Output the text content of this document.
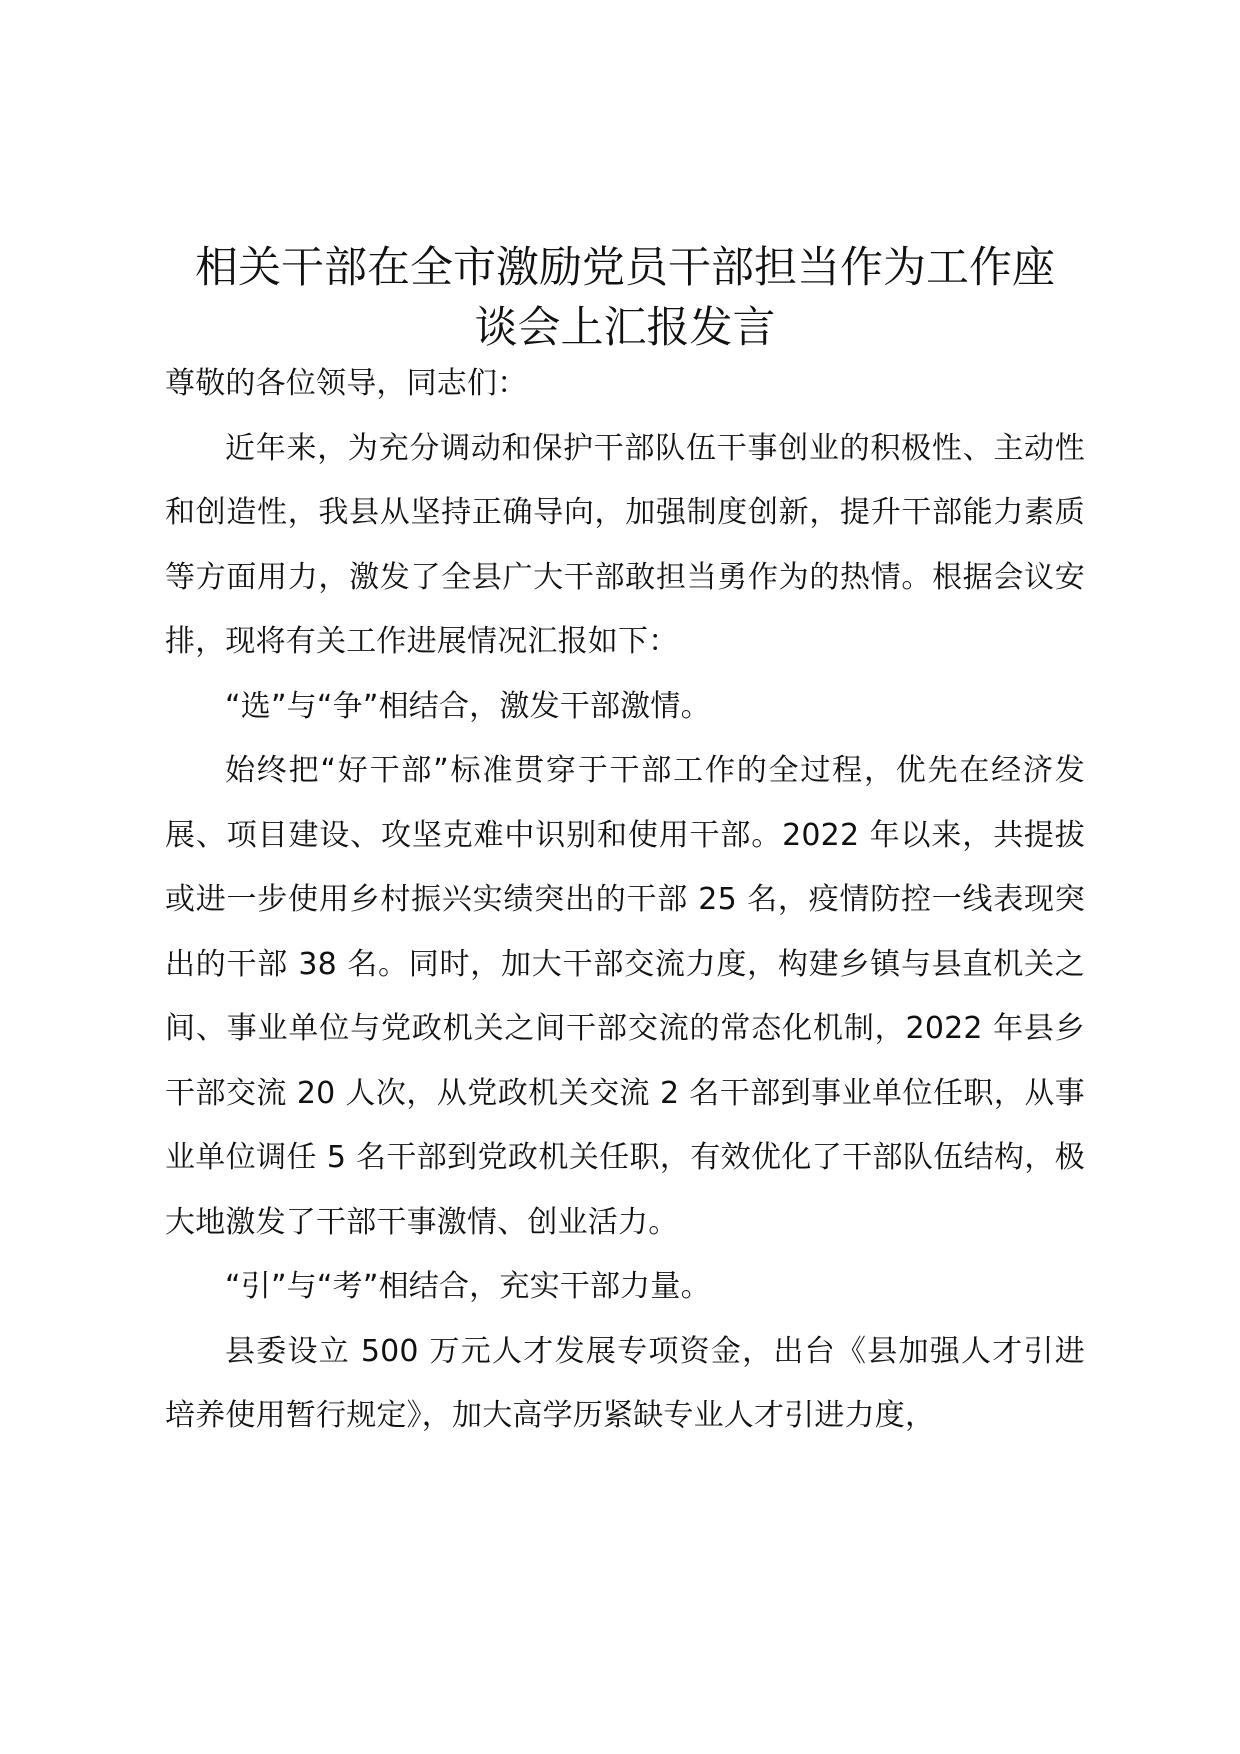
相关干部在全市激励党员干部担当作为工作座
谈会上汇报发言

尊敬的各位领导，同志们：

近年来，为充分调动和保护干部队伍干事创业的积极性、主动性和创造性，我县从坚持正确导向，加强制度创新，提升干部能力素质等方面用力，激发了全县广大干部敢担当勇作为的热情。根据会议安排，现将有关工作进展情况汇报如下：

“选”与“争”相结合，激发干部激情。

始终把“好干部”标准贯穿于干部工作的全过程，优先在经济发展、项目建设、攻坚克难中识别和使用干部。2022 年以来，共提拔或进一步使用乡村振兴实绩突出的干部 25 名，疫情防控一线表现突出的干部 38 名。同时，加大干部交流力度，构建乡镇与县直机关之间、事业单位与党政机关之间干部交流的常态化机制，2022 年县乡干部交流 20 人次，从党政机关交流 2 名干部到事业单位任职，从事业单位调任 5 名干部到党政机关任职，有效优化了干部队伍结构，极大地激发了干部干事激情、创业活力。

“引”与“考”相结合，充实干部力量。

县委设立 500 万元人才发展专项资金，出台《县加强人才引进培养使用暂行规定》，加大高学历紧缺专业人才引进力度，
